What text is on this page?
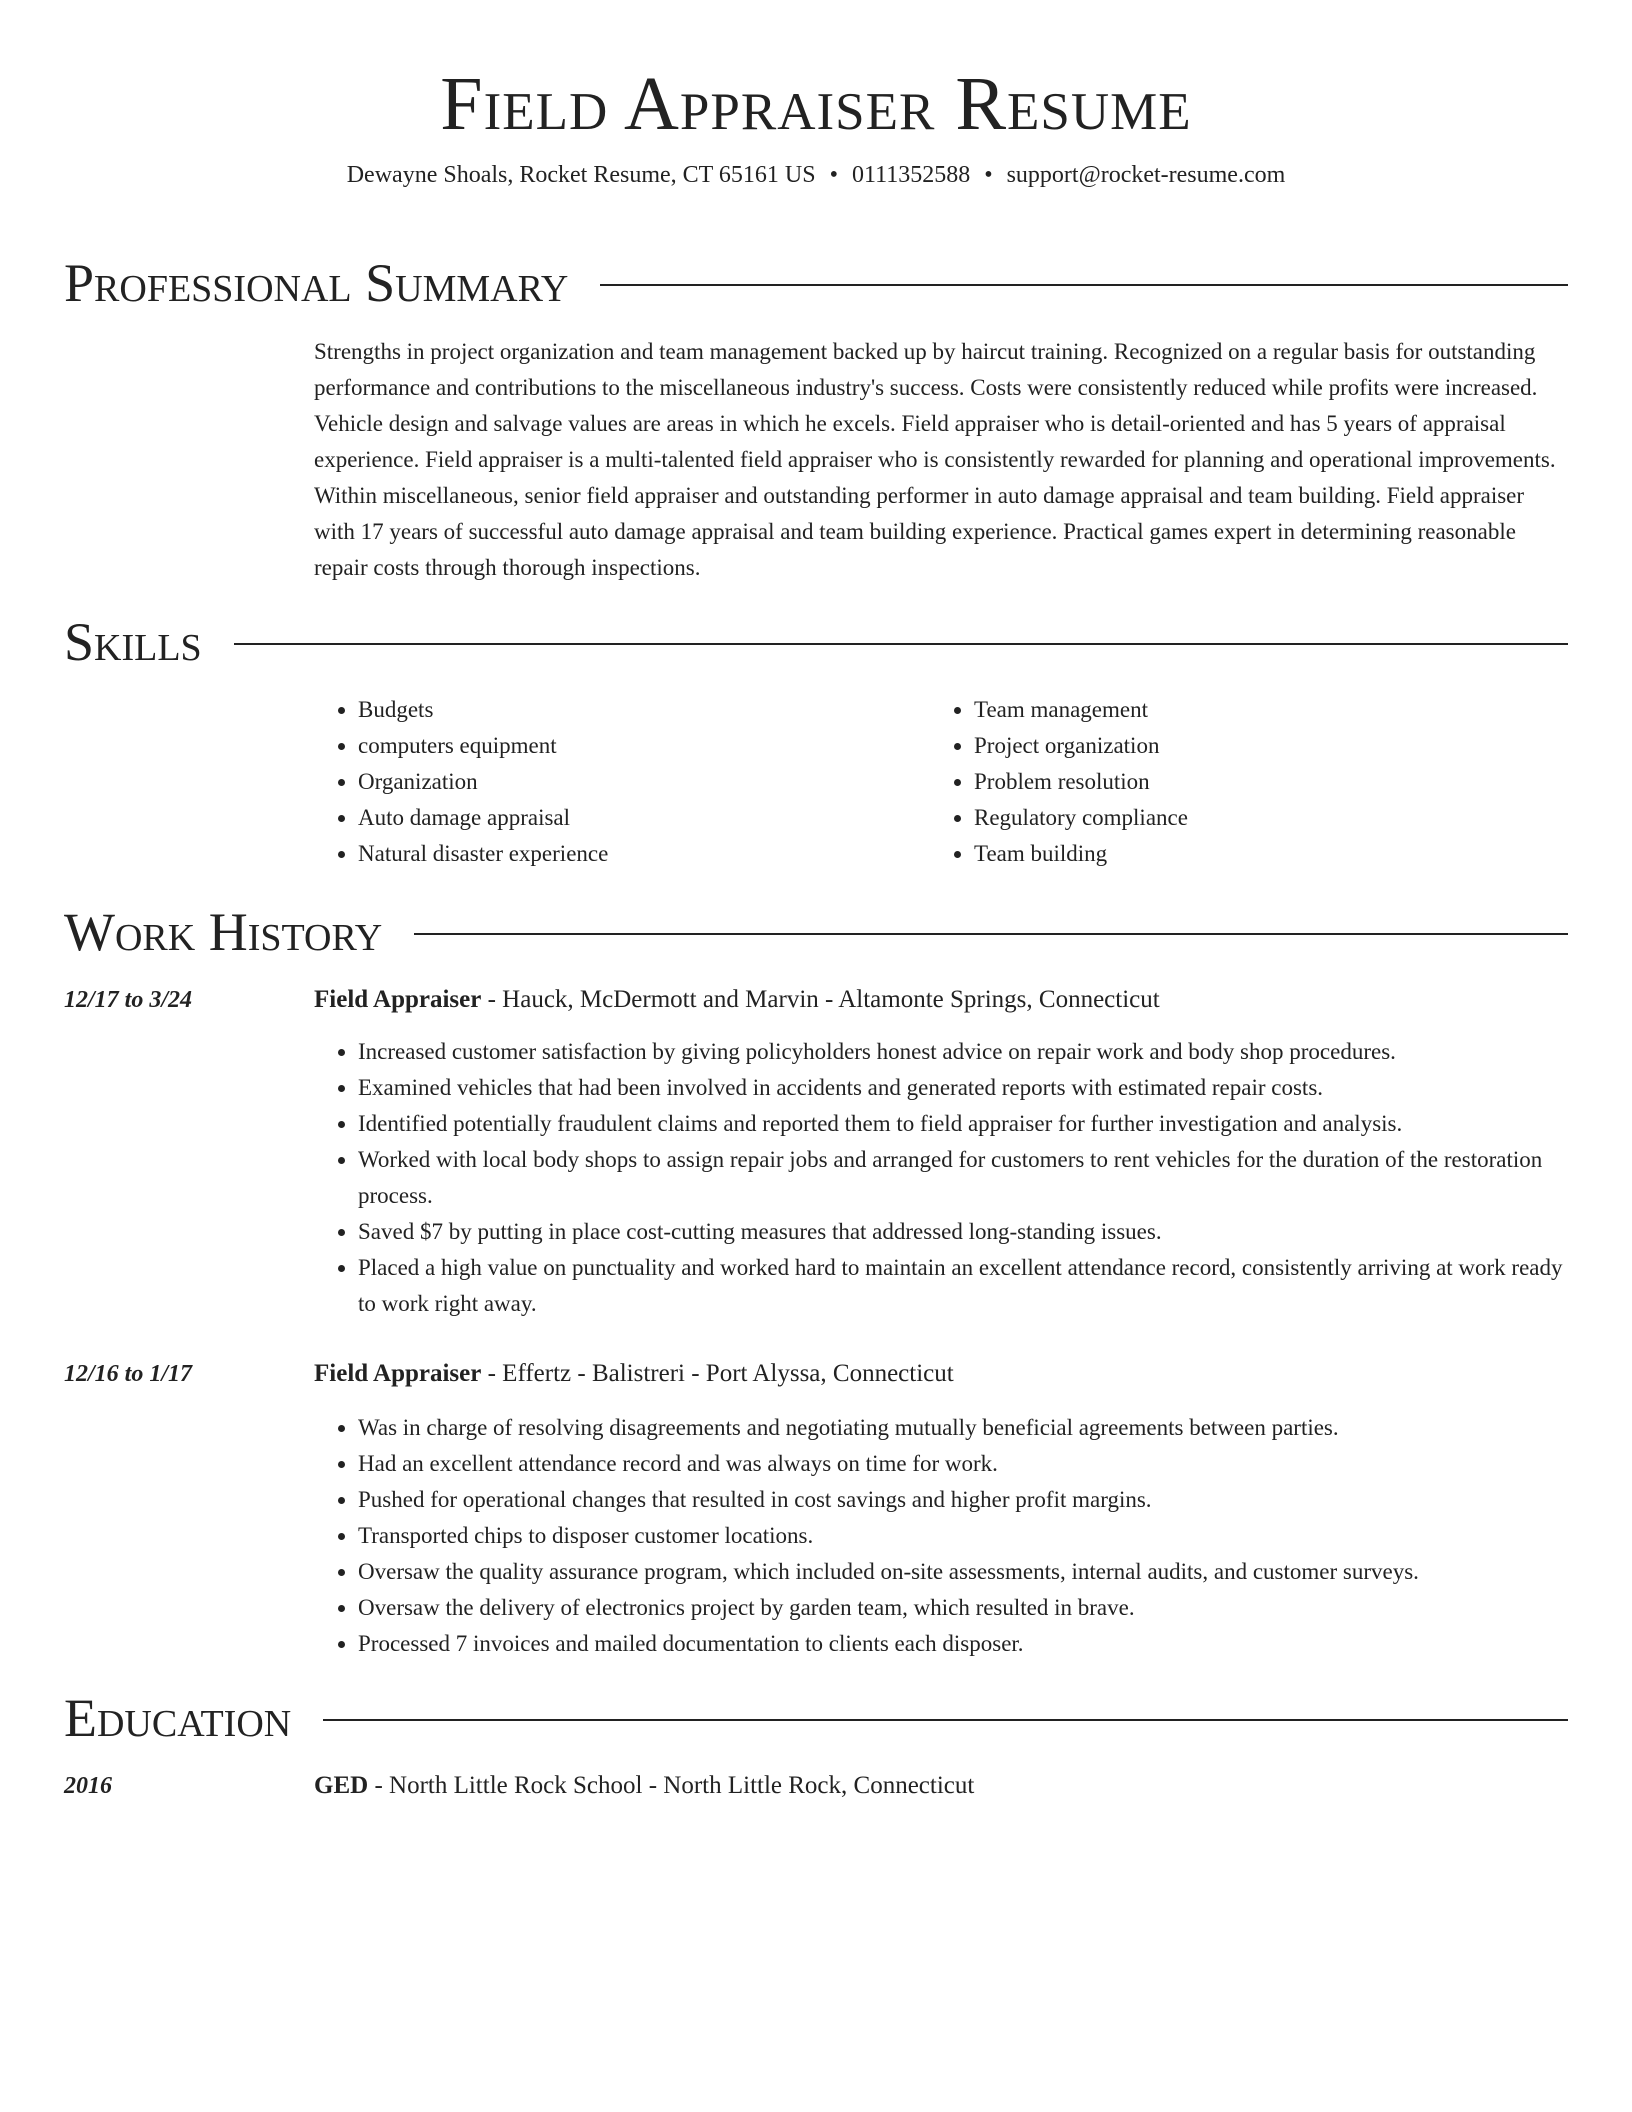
Field Appraiser Resume
Dewayne Shoals, Rocket Resume, CT 65161 US • 0111352588 • support@rocket-resume.com
Professional Summary

Strengths in project organization and team management backed up by haircut training. Recognized on a regular basis for outstanding performance and contributions to the miscellaneous industry's success. Costs were consistently reduced while profits were increased. Vehicle design and salvage values are areas in which he excels. Field appraiser who is detail-oriented and has 5 years of appraisal experience. Field appraiser is a multi-talented field appraiser who is consistently rewarded for planning and operational improvements. Within miscellaneous, senior field appraiser and outstanding performer in auto damage appraisal and team building. Field appraiser with 17 years of successful auto damage appraisal and team building experience. Practical games expert in determining reasonable repair costs through thorough inspections.

Skills
• Budgets
• computers equipment
• Organization
• Auto damage appraisal
• Natural disaster experience
• Team management
• Project organization
• Problem resolution
• Regulatory compliance
• Team building
Work History
12/17 to 3/24	Field Appraiser - Hauck, McDermott and Marvin - Altamonte Springs, Connecticut
• Increased customer satisfaction by giving policyholders honest advice on repair work and body shop procedures.
• Examined vehicles that had been involved in accidents and generated reports with estimated repair costs.
• Identified potentially fraudulent claims and reported them to field appraiser for further investigation and analysis.
• Worked with local body shops to assign repair jobs and arranged for customers to rent vehicles for the duration of the restoration process.
• Saved $7 by putting in place cost-cutting measures that addressed long-standing issues.
• Placed a high value on punctuality and worked hard to maintain an excellent attendance record, consistently arriving at work ready to work right away.
12/16 to 1/17	Field Appraiser - Effertz - Balistreri - Port Alyssa, Connecticut
• Was in charge of resolving disagreements and negotiating mutually beneficial agreements between parties.
• Had an excellent attendance record and was always on time for work.
• Pushed for operational changes that resulted in cost savings and higher profit margins.
• Transported chips to disposer customer locations.
• Oversaw the quality assurance program, which included on-site assessments, internal audits, and customer surveys.
• Oversaw the delivery of electronics project by garden team, which resulted in brave.
• Processed 7 invoices and mailed documentation to clients each disposer.
Education
2016	GED - North Little Rock School - North Little Rock, Connecticut
